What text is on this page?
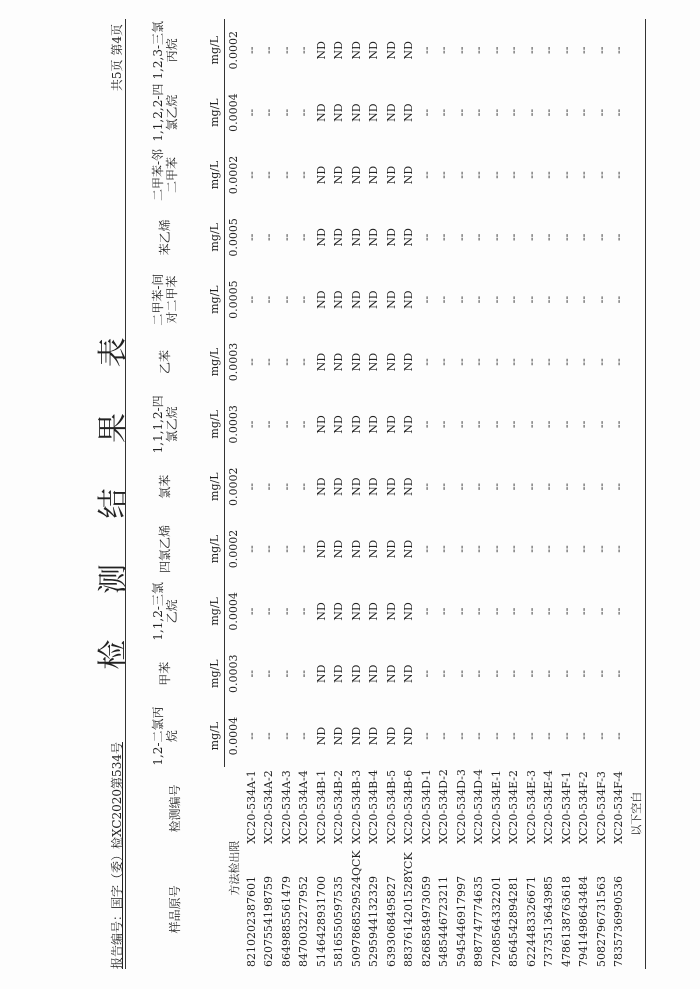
共5页 第4页
检 测 结 果 表
报告编号：国字（委）检XC2020第534号	样品原号	检测编号	1,2-二氯丙烷	甲苯	1,1,2-三氯乙烷	四氯乙烯	氯苯	1,1,1,2-四氯乙烷	乙苯	二甲苯-间对二甲苯	苯乙烯	二甲苯-邻二甲苯	1,1,2,2-四氯乙烷	1,2,3-三氯丙烷
		mg/L	mg/L	mg/L	mg/L	mg/L	mg/L	mg/L	mg/L	mg/L	mg/L	mg/L	mg/L
方法检出限		0.0004	0.0003	0.0004	0.0002	0.0002	0.0003	0.0003	0.0005	0.0005	0.0002	0.0004	0.0002
8210202387601	XC20-534A-1	--	--	--	--	--	--	--	--	--	--	--	--
6207554198759	XC20-534A-2	--	--	--	--	--	--	--	--	--	--	--	--
8649885561479	XC20-534A-3	--	--	--	--	--	--	--	--	--	--	--	--
8470032277952	XC20-534A-4	--	--	--	--	--	--	--	--	--	--	--	--
5146428931700	XC20-534B-1	ND	ND	ND	ND	ND	ND	ND	ND	ND	ND	ND	ND
5816550597535	XC20-534B-2	ND	ND	ND	ND	ND	ND	ND	ND	ND	ND	ND	ND
5097868529524QCK	XC20-534B-3	ND	ND	ND	ND	ND	ND	ND	ND	ND	ND	ND	ND
5295944132329	XC20-534B-4	ND	ND	ND	ND	ND	ND	ND	ND	ND	ND	ND	ND
6393068495827	XC20-534B-5	ND	ND	ND	ND	ND	ND	ND	ND	ND	ND	ND	ND
8837614201528YCK	XC20-534B-6	ND	ND	ND	ND	ND	ND	ND	ND	ND	ND	ND	ND
8268584973059	XC20-534D-1	--	--	--	--	--	--	--	--	--	--	--	--
5485446723211	XC20-534D-2	--	--	--	--	--	--	--	--	--	--	--	--
5945446917997	XC20-534D-3	--	--	--	--	--	--	--	--	--	--	--	--
8987747774635	XC20-534D-4	--	--	--	--	--	--	--	--	--	--	--	--
7208564332201	XC20-534E-1	--	--	--	--	--	--	--	--	--	--	--	--
8564542894281	XC20-534E-2	--	--	--	--	--	--	--	--	--	--	--	--
6224483326671	XC20-534E-3	--	--	--	--	--	--	--	--	--	--	--	--
7373513643985	XC20-534E-4	--	--	--	--	--	--	--	--	--	--	--	--
4786138763618	XC20-534F-1	--	--	--	--	--	--	--	--	--	--	--	--
7941498643484	XC20-534F-2	--	--	--	--	--	--	--	--	--	--	--	--
5082796731563	XC20-534F-3	--	--	--	--	--	--	--	--	--	--	--	--
7835736990536	XC20-534F-4	--	--	--	--	--	--	--	--	--	--	--	--
	以下空白												
